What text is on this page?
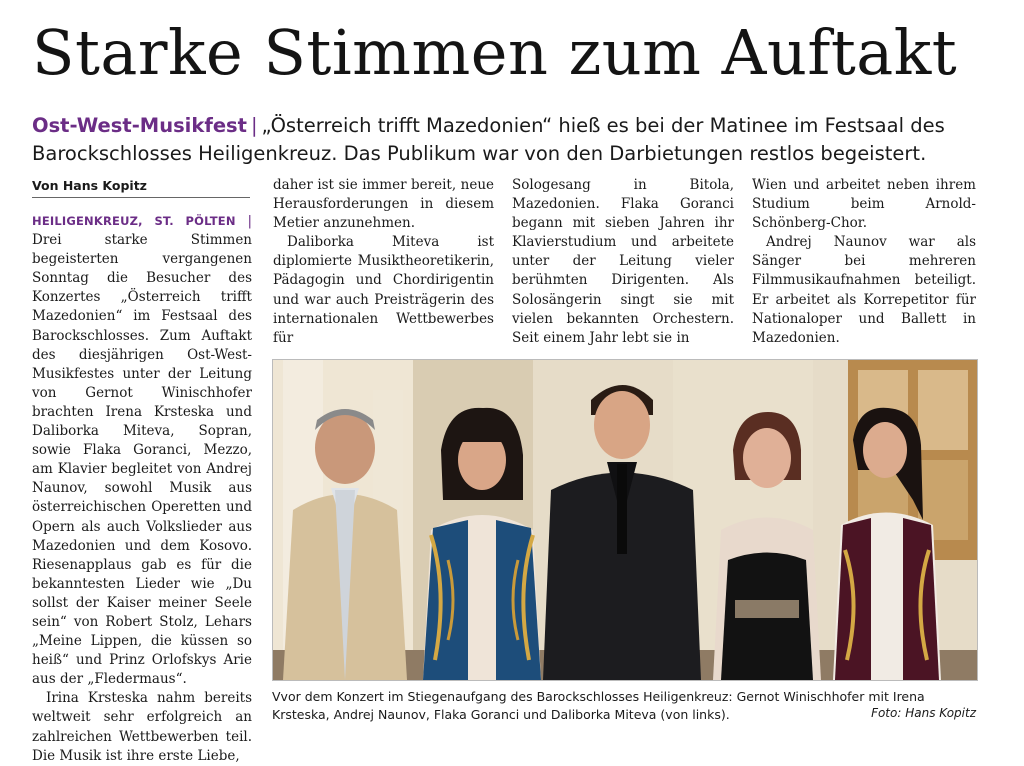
Starke Stimmen zum Auftakt
Ost-West-Musikfest | „Österreich trifft Mazedonien“ hieß es bei der Matinee im Festsaal des Barockschlosses Heiligenkreuz. Das Publikum war von den Darbietungen restlos begeistert.
Von Hans Kopitz

HEILIGENKREUZ, ST. PÖLTEN | Drei starke Stimmen begeisterten vergangenen Sonntag die Besucher des Konzertes „Österreich trifft Mazedonien“ im Festsaal des Barockschlosses. Zum Auftakt des diesjährigen Ost-West-Musikfestes unter der Leitung von Gernot Winischhofer brachten Irena Krsteska und Daliborka Miteva, Sopran, sowie Flaka Goranci, Mezzo, am Klavier begleitet von Andrej Naunov, sowohl Musik aus österreichischen Operetten und Opern als auch Volkslieder aus Mazedonien und dem Kosovo. Riesenapplaus gab es für die bekanntesten Lieder wie „Du sollst der Kaiser meiner Seele sein“ von Robert Stolz, Lehars „Meine Lippen, die küssen so heiß“ und Prinz Orlofskys Arie aus der „Fledermaus“.

Irina Krsteska nahm bereits weltweit sehr erfolgreich an zahlreichen Wettbewerben teil. Die Musik ist ihre erste Liebe,

daher ist sie immer bereit, neue Herausforderungen in diesem Metier anzunehmen.

Daliborka Miteva ist diplomierte Musiktheoretikerin, Pädagogin und Chordirigentin und war auch Preisträgerin des internationalen Wettbewerbes für

Sologesang in Bitola, Mazedonien. Flaka Goranci begann mit sieben Jahren ihr Klavierstudium und arbeitete unter der Leitung vieler berühmten Dirigenten. Als Solosängerin singt sie mit vielen bekannten Orchestern. Seit einem Jahr lebt sie in

Wien und arbeitet neben ihrem Studium beim Arnold-Schönberg-Chor.

Andrej Naunov war als Sänger bei mehreren Filmmusikaufnahmen beteiligt. Er arbeitet als Korrepetitor für Nationaloper und Ballett in Mazedonien.

Vvor dem Konzert im Stiegenaufgang des Barockschlosses Heiligenkreuz: Gernot Winischhofer mit Irena Krsteska, Andrej Naunov, Flaka Goranci und Daliborka Miteva (von links).	Foto: Hans Kopitz
